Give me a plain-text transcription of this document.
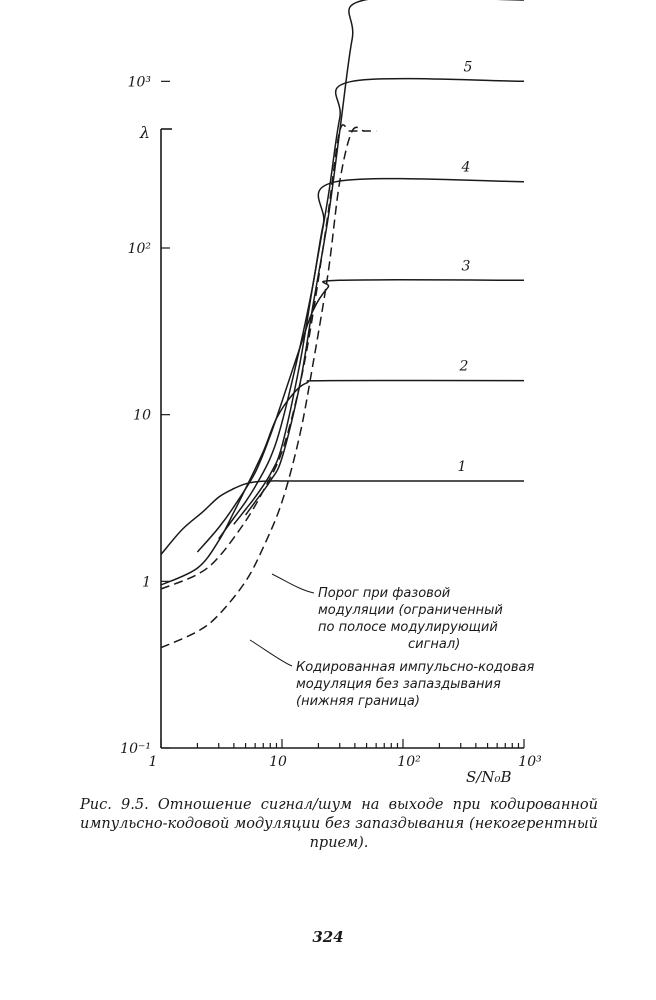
1	10	10²	10³
10⁻¹
1
10
10²
10³
1
2
3
4
5
λ
S/N₀B
Порог при фазовой
модуляции (ограниченный
по полосе модулирующий
сигнал)
Кодированная импульсно-кодовая
модуляция без запаздывания
(нижняя граница)
Рис. 9.5. Отношение сигнал/шум на выходе при кодированной импульсно-кодовой модуляции без запаздывания (некогерентный прием).
324
